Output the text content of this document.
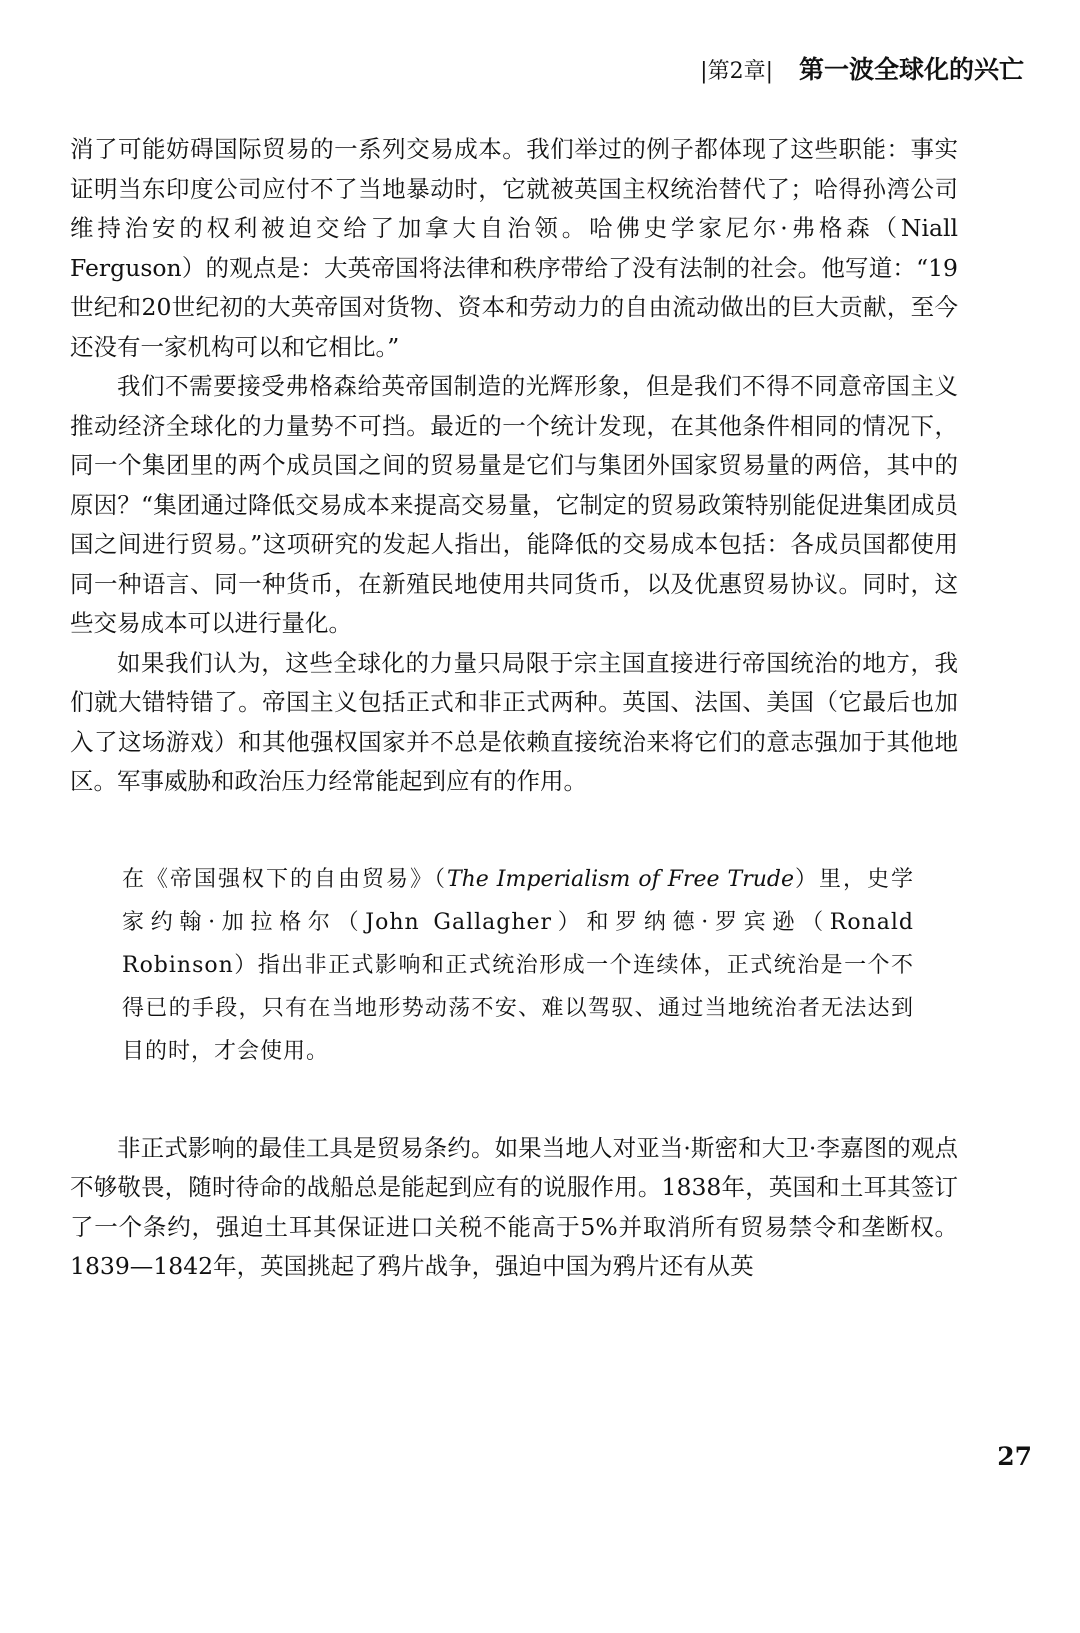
|第2章| 第一波全球化的兴亡

消了可能妨碍国际贸易的一系列交易成本。我们举过的例子都体现了这些职能：事实证明当东印度公司应付不了当地暴动时，它就被英国主权统治替代了；哈得孙湾公司维持治安的权利被迫交给了加拿大自治领。哈佛史学家尼尔·弗格森（Niall Ferguson）的观点是：大英帝国将法律和秩序带给了没有法制的社会。他写道：“19世纪和20世纪初的大英帝国对货物、资本和劳动力的自由流动做出的巨大贡献，至今还没有一家机构可以和它相比。”

我们不需要接受弗格森给英帝国制造的光辉形象，但是我们不得不同意帝国主义推动经济全球化的力量势不可挡。最近的一个统计发现，在其他条件相同的情况下，同一个集团里的两个成员国之间的贸易量是它们与集团外国家贸易量的两倍，其中的原因？“集团通过降低交易成本来提高交易量，它制定的贸易政策特别能促进集团成员国之间进行贸易。”这项研究的发起人指出，能降低的交易成本包括：各成员国都使用同一种语言、同一种货币，在新殖民地使用共同货币，以及优惠贸易协议。同时，这些交易成本可以进行量化。

如果我们认为，这些全球化的力量只局限于宗主国直接进行帝国统治的地方，我们就大错特错了。帝国主义包括正式和非正式两种。英国、法国、美国（它最后也加入了这场游戏）和其他强权国家并不总是依赖直接统治来将它们的意志强加于其他地区。军事威胁和政治压力经常能起到应有的作用。

在《帝国强权下的自由贸易》（The Imperialism of Free Trude）里，史学家约翰·加拉格尔（John Gallagher）和罗纳德·罗宾逊（Ronald Robinson）指出非正式影响和正式统治形成一个连续体，正式统治是一个不得已的手段，只有在当地形势动荡不安、难以驾驭、通过当地统治者无法达到目的时，才会使用。

非正式影响的最佳工具是贸易条约。如果当地人对亚当·斯密和大卫·李嘉图的观点不够敬畏，随时待命的战船总是能起到应有的说服作用。1838年，英国和土耳其签订了一个条约，强迫土耳其保证进口关税不能高于5%并取消所有贸易禁令和垄断权。1839—1842年，英国挑起了鸦片战争，强迫中国为鸦片还有从英

27
